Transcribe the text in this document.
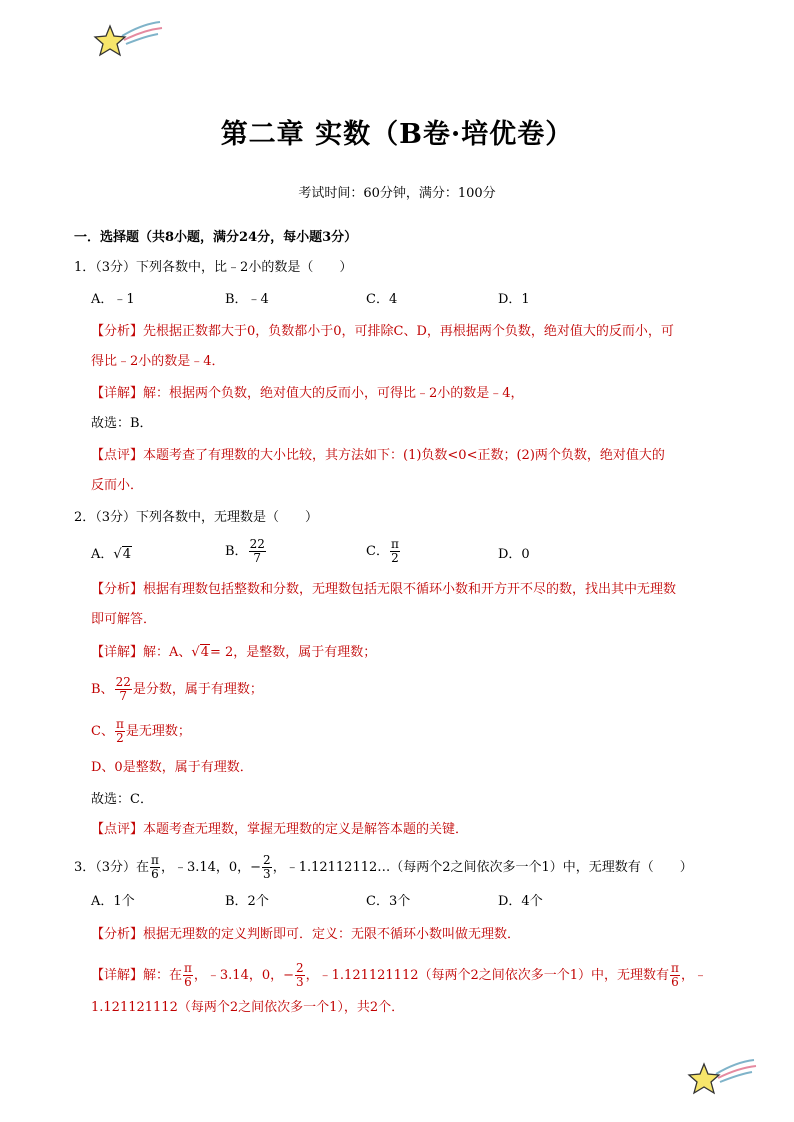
第二章 实数（B卷·培优卷）
考试时间：60分钟，满分：100分
一．选择题（共8小题，满分24分，每小题3分）
1．（3分）下列各数中，比﹣2小的数是（　　）
A．﹣1	B．﹣4	C．4	D．1
【分析】先根据正数都大于0，负数都小于0，可排除C、D，再根据两个负数，绝对值大的反而小，可
得比﹣2小的数是﹣4．
【详解】解：根据两个负数，绝对值大的反而小，可得比﹣2小的数是﹣4，
故选：B．
【点评】本题考查了有理数的大小比较，其方法如下：(1)负数<0<正数；(2)两个负数，绝对值大的
反而小．
2．（3分）下列各数中，无理数是（　　）
A．√4	B． $\frac{22}{7}$	C． $\frac{\pi}{2}$	D．0
【分析】根据有理数包括整数和分数，无理数包括无限不循环小数和开方开不尽的数，找出其中无理数
即可解答．
【详解】解：A、√4= 2，是整数，属于有理数；
B、 $\frac{22}{7}$ 是分数，属于有理数；
C、 $\frac{\pi}{2}$ 是无理数；
D、0是整数，属于有理数．
故选：C．
【点评】本题考查无理数，掌握无理数的定义是解答本题的关键．
3．（3分）在 $\frac{\pi}{6}$ ，﹣3.14，0，− $\frac{2}{3}$ ，﹣1.12112112…（每两个2之间依次多一个1）中，无理数有（　　）
A．1个	B．2个	C．3个	D．4个
【分析】根据无理数的定义判断即可．定义：无限不循环小数叫做无理数．
【详解】解：在 $\frac{\pi}{6}$ ，﹣3.14，0，− $\frac{2}{3}$ ，﹣1.121121112（每两个2之间依次多一个1）中，无理数有 $\frac{\pi}{6}$ ，﹣
1.121121112（每两个2之间依次多一个1），共2个．
